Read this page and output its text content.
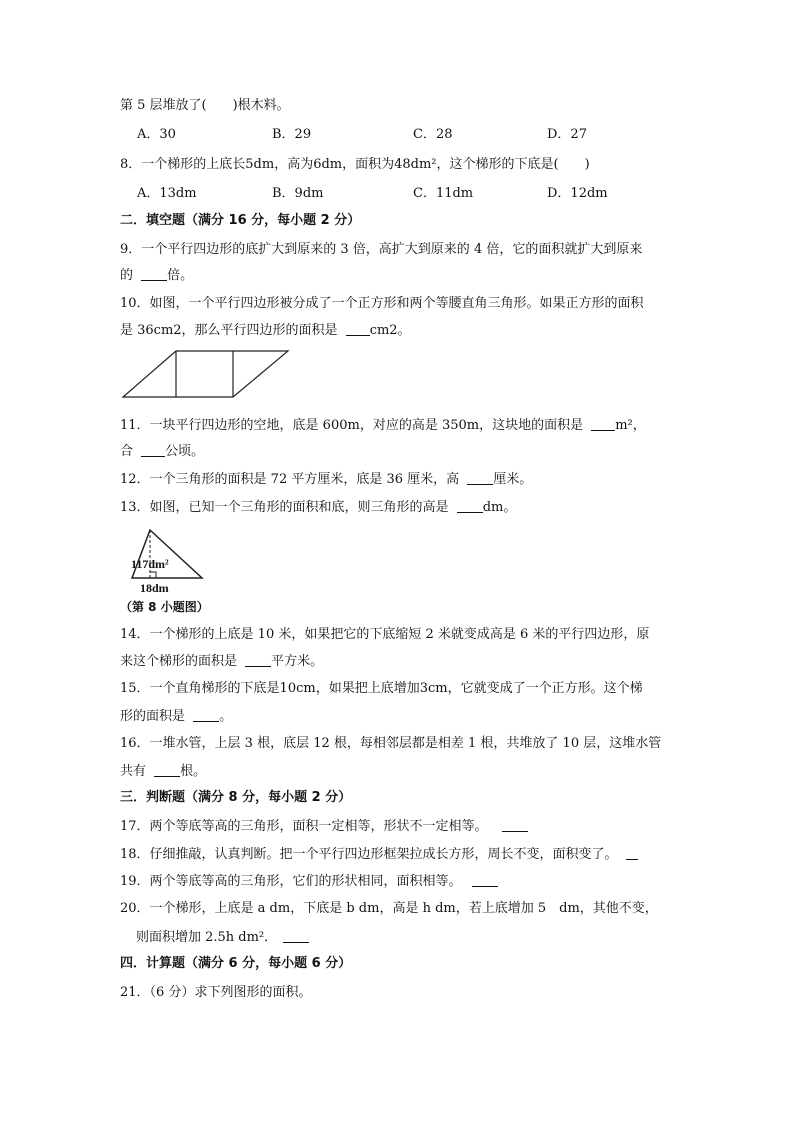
第 5 层堆放了(　　)根木料。
A．30	B．29	C．28	D．27
8．一个梯形的上底长5dm，高为6dm，面积为48dm²，这个梯形的下底是(　　)
A．13dm	B．9dm	C．11dm	D．12dm
二．填空题（满分 16 分，每小题 2 分）
9．一个平行四边形的底扩大到原来的 3 倍，高扩大到原来的 4 倍，它的面积就扩大到原来
的 倍。
10．如图，一个平行四边形被分成了一个正方形和两个等腰直角三角形。如果正方形的面积
是 36cm2，那么平行四边形的面积是 cm2。
11．一块平行四边形的空地，底是 600m，对应的高是 350m，这块地的面积是 m²，
合 公顷。
12．一个三角形的面积是 72 平方厘米，底是 36 厘米，高 厘米。
13．如图，已知一个三角形的面积和底，则三角形的高是 dm。
117dm²
18dm
（第 8 小题图）
14．一个梯形的上底是 10 米，如果把它的下底缩短 2 米就变成高是 6 米的平行四边形，原
来这个梯形的面积是 平方米。
15．一个直角梯形的下底是10cm，如果把上底增加3cm，它就变成了一个正方形。这个梯
形的面积是 。
16．一堆水管，上层 3 根，底层 12 根，每相邻层都是相差 1 根，共堆放了 10 层，这堆水管
共有 根。
三．判断题（满分 8 分，每小题 2 分）
17．两个等底等高的三角形，面积一定相等，形状不一定相等。
18．仔细推敲，认真判断。把一个平行四边形框架拉成长方形，周长不变，面积变了。
19．两个等底等高的三角形，它们的形状相同，面积相等。
20．一个梯形，上底是 a dm，下底是 b dm，高是 h dm，若上底增加 5　dm，其他不变，
则面积增加 2.5h dm²．
四．计算题（满分 6 分，每小题 6 分）
21．（6 分）求下列图形的面积。
